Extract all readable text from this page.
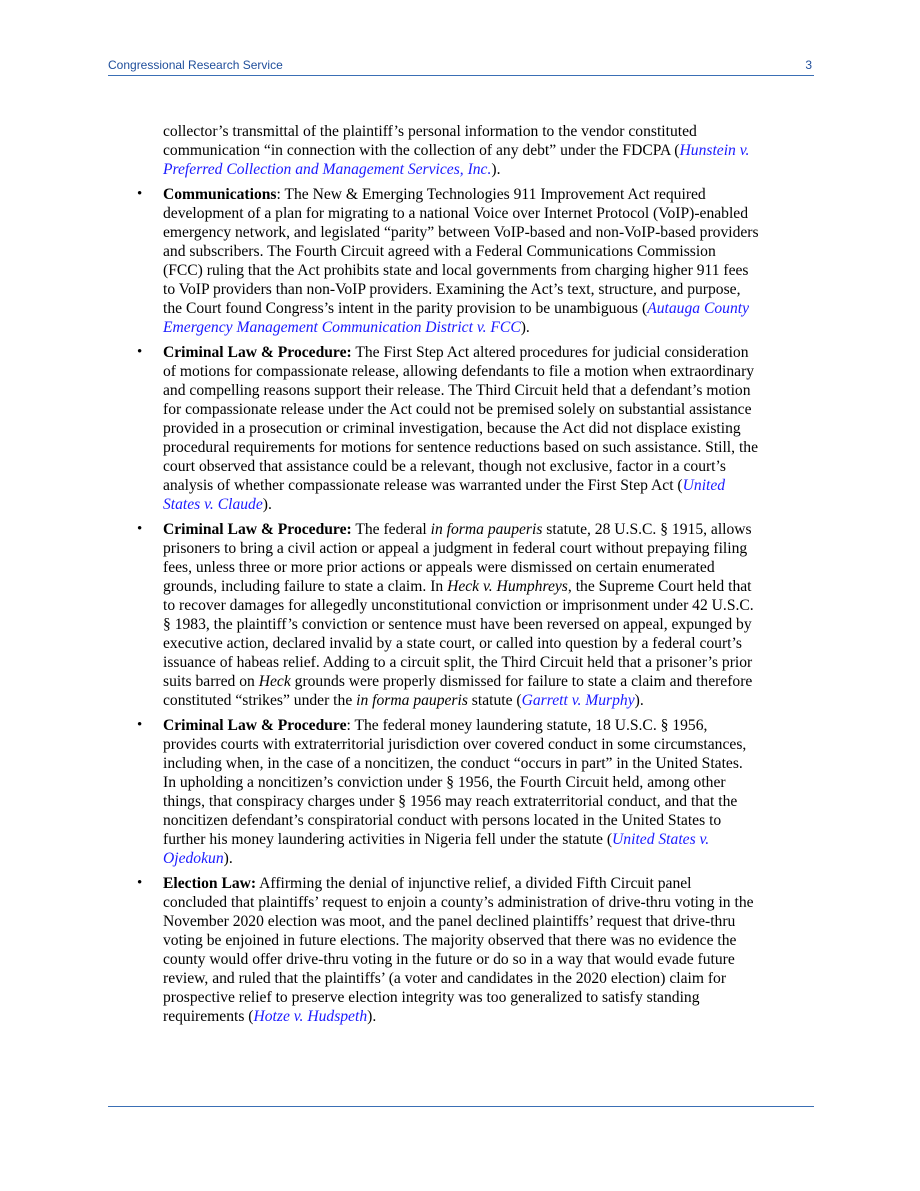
Congressional Research Service	3

collector’s transmittal of the plaintiff’s personal information to the vendor constituted communication “in connection with the collection of any debt” under the FDCPA (Hunstein v. Preferred Collection and Management Services, Inc.).

• Communications: The New & Emerging Technologies 911 Improvement Act required development of a plan for migrating to a national Voice over Internet Protocol (VoIP)-enabled emergency network, and legislated “parity” between VoIP-based and non-VoIP-based providers and subscribers. The Fourth Circuit agreed with a Federal Communications Commission (FCC) ruling that the Act prohibits state and local governments from charging higher 911 fees to VoIP providers than non-VoIP providers. Examining the Act’s text, structure, and purpose, the Court found Congress’s intent in the parity provision to be unambiguous (Autauga County Emergency Management Communication District v. FCC).

• Criminal Law & Procedure: The First Step Act altered procedures for judicial consideration of motions for compassionate release, allowing defendants to file a motion when extraordinary and compelling reasons support their release. The Third Circuit held that a defendant’s motion for compassionate release under the Act could not be premised solely on substantial assistance provided in a prosecution or criminal investigation, because the Act did not displace existing procedural requirements for motions for sentence reductions based on such assistance. Still, the court observed that assistance could be a relevant, though not exclusive, factor in a court’s analysis of whether compassionate release was warranted under the First Step Act (United States v. Claude).

• Criminal Law & Procedure: The federal in forma pauperis statute, 28 U.S.C. § 1915, allows prisoners to bring a civil action or appeal a judgment in federal court without prepaying filing fees, unless three or more prior actions or appeals were dismissed on certain enumerated grounds, including failure to state a claim. In Heck v. Humphreys, the Supreme Court held that to recover damages for allegedly unconstitutional conviction or imprisonment under 42 U.S.C. § 1983, the plaintiff’s conviction or sentence must have been reversed on appeal, expunged by executive action, declared invalid by a state court, or called into question by a federal court’s issuance of habeas relief. Adding to a circuit split, the Third Circuit held that a prisoner’s prior suits barred on Heck grounds were properly dismissed for failure to state a claim and therefore constituted “strikes” under the in forma pauperis statute (Garrett v. Murphy).

• Criminal Law & Procedure: The federal money laundering statute, 18 U.S.C. § 1956, provides courts with extraterritorial jurisdiction over covered conduct in some circumstances, including when, in the case of a noncitizen, the conduct “occurs in part” in the United States. In upholding a noncitizen’s conviction under § 1956, the Fourth Circuit held, among other things, that conspiracy charges under § 1956 may reach extraterritorial conduct, and that the noncitizen defendant’s conspiratorial conduct with persons located in the United States to further his money laundering activities in Nigeria fell under the statute (United States v. Ojedokun).

• Election Law: Affirming the denial of injunctive relief, a divided Fifth Circuit panel concluded that plaintiffs’ request to enjoin a county’s administration of drive-thru voting in the November 2020 election was moot, and the panel declined plaintiffs’ request that drive-thru voting be enjoined in future elections. The majority observed that there was no evidence the county would offer drive-thru voting in the future or do so in a way that would evade future review, and ruled that the plaintiffs’ (a voter and candidates in the 2020 election) claim for prospective relief to preserve election integrity was too generalized to satisfy standing requirements (Hotze v. Hudspeth).
